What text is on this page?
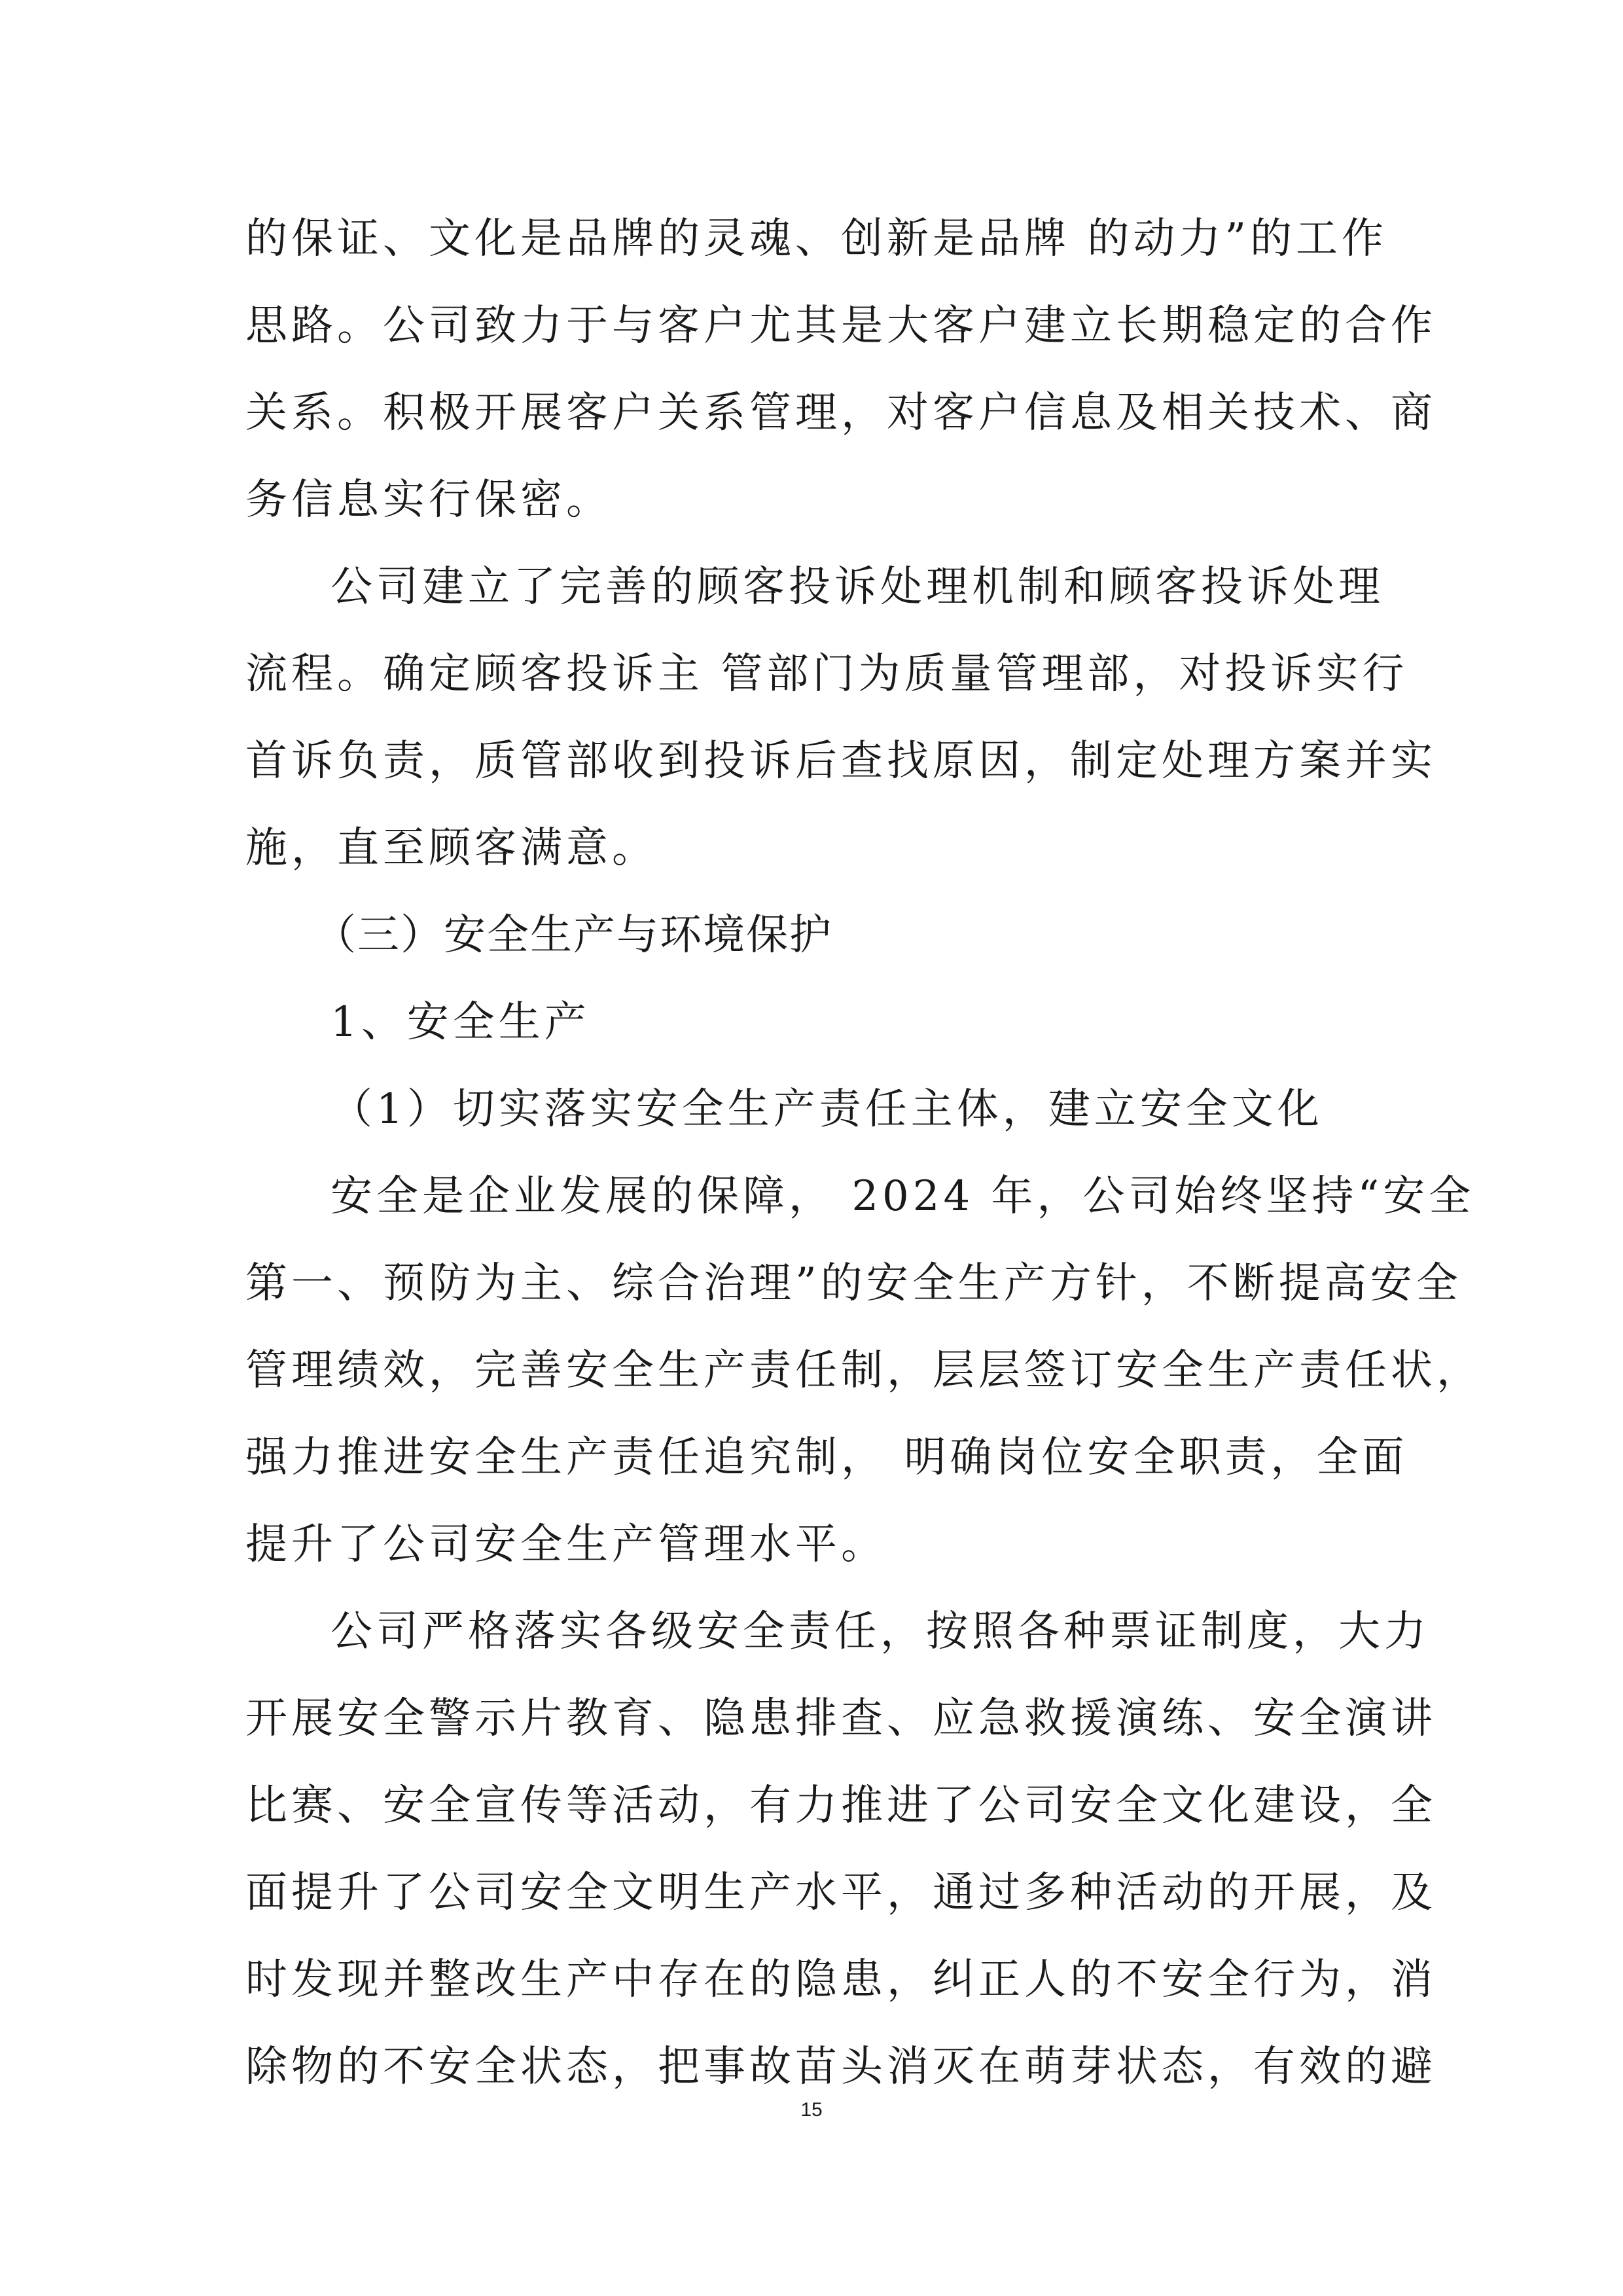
的保证、文化是品牌的灵魂、创新是品牌 的动力”的工作
思路。公司致力于与客户尤其是大客户建立长期稳定的合作
关系。积极开展客户关系管理，对客户信息及相关技术、商
务信息实行保密。
公司建立了完善的顾客投诉处理机制和顾客投诉处理
流程。确定顾客投诉主 管部门为质量管理部，对投诉实行
首诉负责，质管部收到投诉后查找原因，制定处理方案并实
施，直至顾客满意。
（三）安全生产与环境保护
1、安全生产
（1）切实落实安全生产责任主体，建立安全文化
安全是企业发展的保障， 2024 年，公司始终坚持“安全
第一、预防为主、综合治理”的安全生产方针，不断提高安全
管理绩效，完善安全生产责任制，层层签订安全生产责任状，
强力推进安全生产责任追究制， 明确岗位安全职责，全面
提升了公司安全生产管理水平。
公司严格落实各级安全责任，按照各种票证制度，大力
开展安全警示片教育、隐患排查、应急救援演练、安全演讲
比赛、安全宣传等活动，有力推进了公司安全文化建设，全
面提升了公司安全文明生产水平，通过多种活动的开展，及
时发现并整改生产中存在的隐患，纠正人的不安全行为，消
除物的不安全状态，把事故苗头消灭在萌芽状态，有效的避
15
